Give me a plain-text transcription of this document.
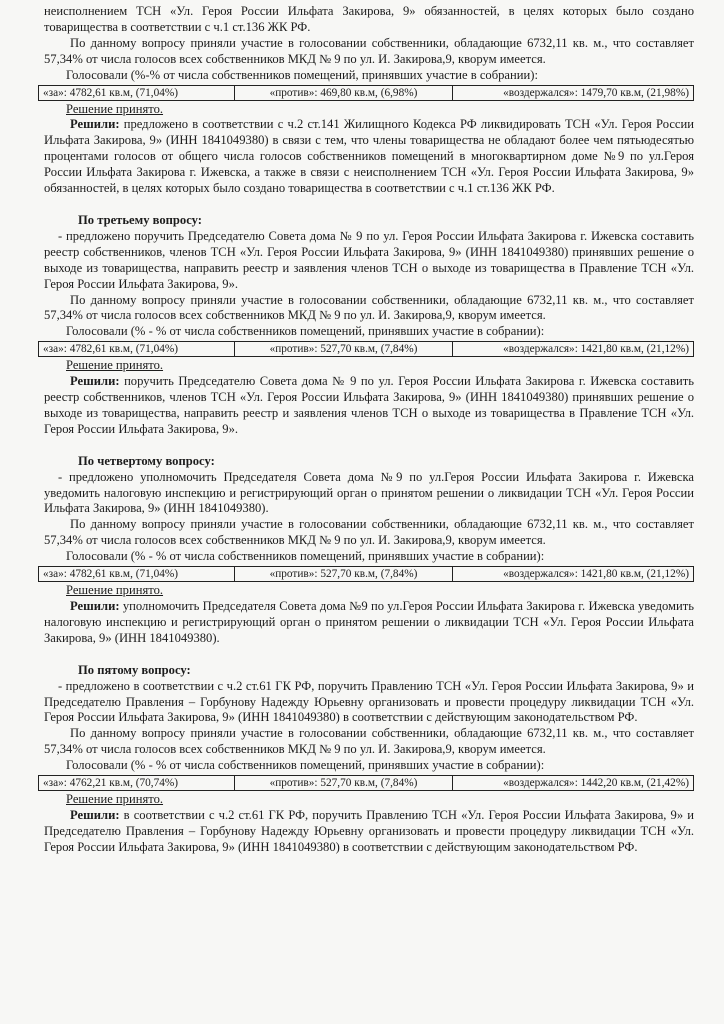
неисполнением ТСН «Ул. Героя России Ильфата Закирова, 9» обязанностей, в целях которых было создано товарищества в соответствии с ч.1 ст.136 ЖК РФ.

По данному вопросу приняли участие в голосовании собственники, обладающие 6732,11 кв. м., что составляет 57,34% от числа голосов всех собственников МКД № 9 по ул. И. Закирова,9, кворум имеется.

Голосовали (%-% от числа собственников помещений, принявших участие в собрании):

«за»: 4782,61 кв.м, (71,04%)	«против»: 469,80 кв.м, (6,98%)	«воздержался»: 1479,70 кв.м, (21,98%)

Решение принято.

Решили: предложено в соответствии с ч.2 ст.141 Жилищного Кодекса РФ ликвидировать ТСН «Ул. Героя России Ильфата Закирова, 9» (ИНН 1841049380) в связи с тем, что члены товарищества не обладают более чем пятьюдесятью процентами голосов от общего числа голосов собственников помещений в многоквартирном доме №9 по ул.Героя России Ильфата Закирова г. Ижевска, а также в связи с неисполнением ТСН «Ул. Героя России Ильфата Закирова, 9» обязанностей, в целях которых было создано товарищества в соответствии с ч.1 ст.136 ЖК РФ.

По третьему вопросу:

- предложено поручить Председателю Совета дома № 9 по ул. Героя России Ильфата Закирова г. Ижевска составить реестр собственников, членов ТСН «Ул. Героя России Ильфата Закирова, 9» (ИНН 1841049380) принявших решение о выходе из товарищества, направить реестр и заявления членов ТСН о выходе из товарищества в Правление ТСН «Ул. Героя России Ильфата Закирова, 9».

По данному вопросу приняли участие в голосовании собственники, обладающие 6732,11 кв. м., что составляет 57,34% от числа голосов всех собственников МКД № 9 по ул. И. Закирова,9, кворум имеется.

Голосовали (% - % от числа собственников помещений, принявших участие в собрании):

«за»: 4782,61 кв.м, (71,04%)	«против»: 527,70 кв.м, (7,84%)	«воздержался»: 1421,80 кв.м, (21,12%)

Решение принято.

Решили: поручить Председателю Совета дома № 9 по ул. Героя России Ильфата Закирова г. Ижевска составить реестр собственников, членов ТСН «Ул. Героя России Ильфата Закирова, 9» (ИНН 1841049380) принявших решение о выходе из товарищества, направить реестр и заявления членов ТСН о выходе из товарищества в Правление ТСН «Ул. Героя России Ильфата Закирова, 9».

По четвертому вопросу:

- предложено уполномочить Председателя Совета дома №9 по ул.Героя России Ильфата Закирова г. Ижевска уведомить налоговую инспекцию и регистрирующий орган о принятом решении о ликвидации ТСН «Ул. Героя России Ильфата Закирова, 9» (ИНН 1841049380).

По данному вопросу приняли участие в голосовании собственники, обладающие 6732,11 кв. м., что составляет 57,34% от числа голосов всех собственников МКД № 9 по ул. И. Закирова,9, кворум имеется.

Голосовали (% - % от числа собственников помещений, принявших участие в собрании):

«за»: 4782,61 кв.м, (71,04%)	«против»: 527,70 кв.м, (7,84%)	«воздержался»: 1421,80 кв.м, (21,12%)

Решение принято.

Решили: уполномочить Председателя Совета дома №9 по ул.Героя России Ильфата Закирова г. Ижевска уведомить налоговую инспекцию и регистрирующий орган о принятом решении о ликвидации ТСН «Ул. Героя России Ильфата Закирова, 9» (ИНН 1841049380).

По пятому вопросу:

- предложено в соответствии с ч.2 ст.61 ГК РФ, поручить Правлению ТСН «Ул. Героя России Ильфата Закирова, 9» и Председателю Правления – Горбунову Надежду Юрьевну организовать и провести процедуру ликвидации ТСН «Ул. Героя России Ильфата Закирова, 9» (ИНН 1841049380) в соответствии с действующим законодательством РФ.

По данному вопросу приняли участие в голосовании собственники, обладающие 6732,11 кв. м., что составляет 57,34% от числа голосов всех собственников МКД № 9 по ул. И. Закирова,9, кворум имеется.

Голосовали (% - % от числа собственников помещений, принявших участие в собрании):

«за»: 4762,21 кв.м, (70,74%)	«против»: 527,70 кв.м, (7,84%)	«воздержался»: 1442,20 кв.м, (21,42%)

Решение принято.

Решили: в соответствии с ч.2 ст.61 ГК РФ, поручить Правлению ТСН «Ул. Героя России Ильфата Закирова, 9» и Председателю Правления – Горбунову Надежду Юрьевну организовать и провести процедуру ликвидации ТСН «Ул. Героя России Ильфата Закирова, 9» (ИНН 1841049380) в соответствии с действующим законодательством РФ.
